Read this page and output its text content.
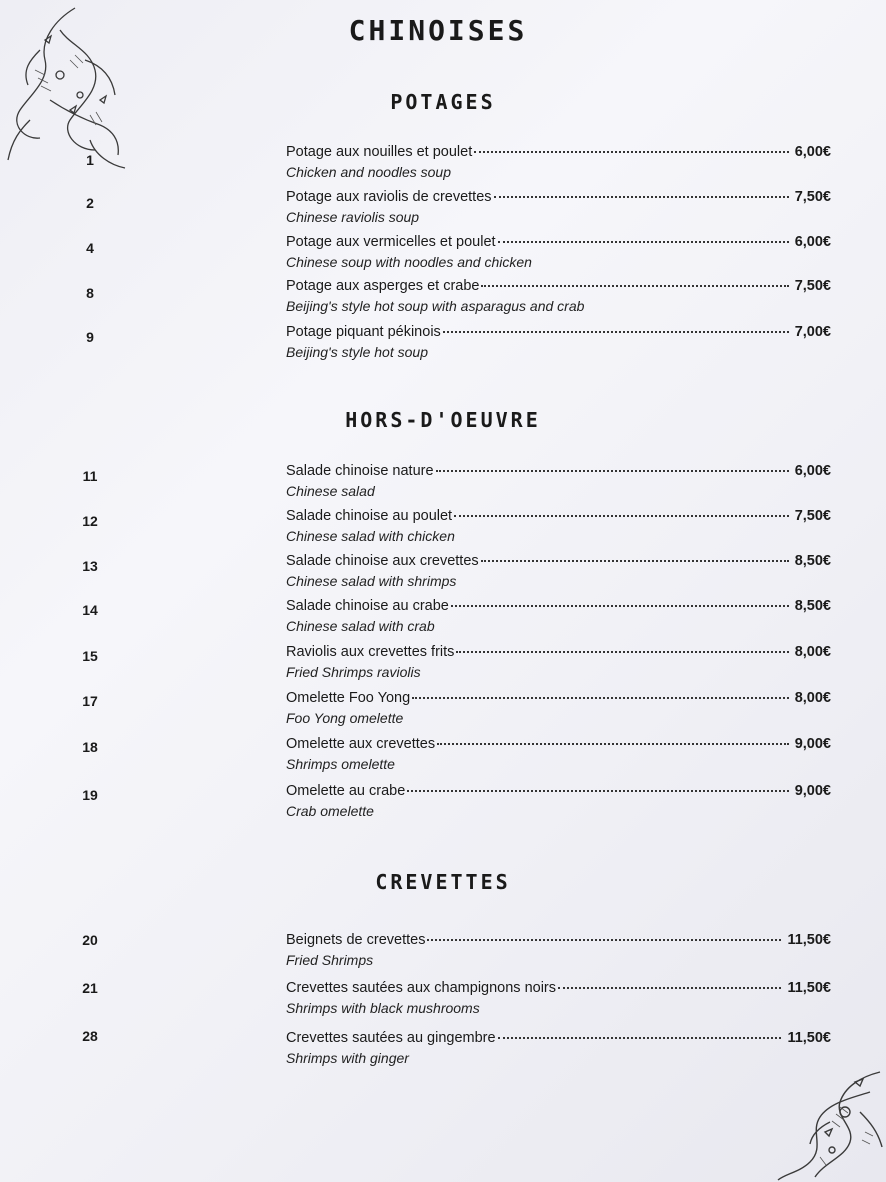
CHINOISES
POTAGES
1	Potage aux nouilles et poulet	6,00€
Chicken and noodles soup
2	Potage aux raviolis de crevettes	7,50€
Chinese raviolis soup
4	Potage aux vermicelles et poulet	6,00€
Chinese soup with noodles and chicken
8	Potage aux asperges et crabe	7,50€
Beijing's style hot soup with asparagus and crab
9	Potage piquant pékinois	7,00€
Beijing's style hot soup
HORS-D'OEUVRE
11	Salade chinoise nature	6,00€
Chinese salad
12	Salade chinoise au poulet	7,50€
Chinese salad with chicken
13	Salade chinoise aux crevettes	8,50€
Chinese salad with shrimps
14	Salade chinoise au crabe	8,50€
Chinese salad with crab
15	Raviolis aux crevettes frits	8,00€
Fried Shrimps raviolis
17	Omelette Foo Yong	8,00€
Foo Yong omelette
18	Omelette aux crevettes	9,00€
Shrimps omelette
19	Omelette au crabe	9,00€
Crab omelette
CREVETTES
20	Beignets de crevettes	11,50€
Fried Shrimps
21	Crevettes sautées aux champignons noirs	11,50€
Shrimps with black mushrooms
28	Crevettes sautées au gingembre	11,50€
Shrimps with ginger
